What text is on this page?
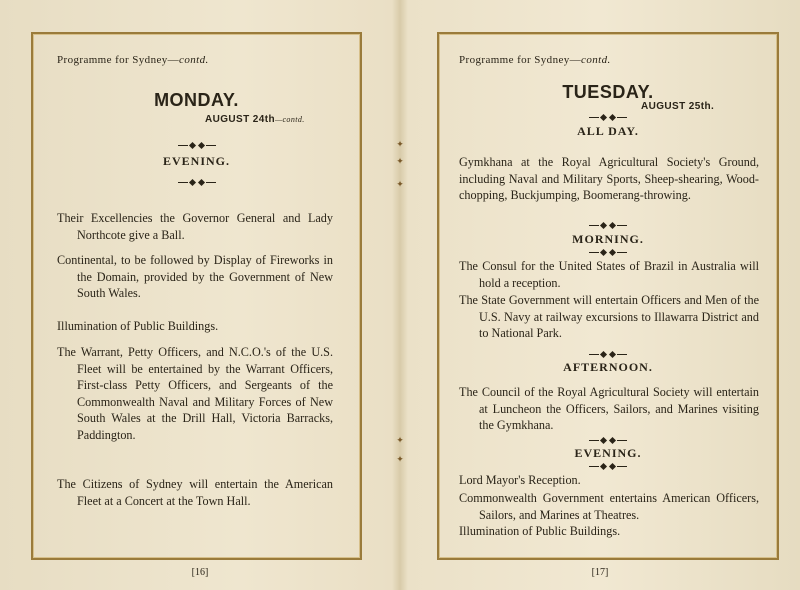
✦
✦
✦
✦
✦
Programme for Sydney—contd.
MONDAY.
AUGUST 24th—contd.
EVENING.

Their Excellencies the Governor General and Lady Northcote give a Ball.

Continental, to be followed by Display of Fireworks in the Domain, provided by the Government of New South Wales.

Illumination of Public Buildings.

The Warrant, Petty Officers, and N.C.O.'s of the U.S. Fleet will be entertained by the Warrant Officers, First-class Petty Officers, and Sergeants of the Commonwealth Naval and Military Forces of New South Wales at the Drill Hall, Victoria Barracks, Paddington.

The Citizens of Sydney will entertain the American Fleet at a Concert at the Town Hall.

[16]
Programme for Sydney—contd.
TUESDAY.
AUGUST 25th.
ALL DAY.

Gymkhana at the Royal Agricultural Society's Ground, including Naval and Military Sports, Sheep-shearing, Wood-chopping, Buckjumping, Boomerang-throwing.

MORNING.

The Consul for the United States of Brazil in Australia will hold a reception.

The State Government will entertain Officers and Men of the U.S. Navy at railway excursions to Illawarra District and to National Park.

AFTERNOON.

The Council of the Royal Agricultural Society will entertain at Luncheon the Officers, Sailors, and Marines visiting the Gymkhana.

EVENING.

Lord Mayor's Reception.

Commonwealth Government entertains American Officers, Sailors, and Marines at Theatres.

Illumination of Public Buildings.

[17]
